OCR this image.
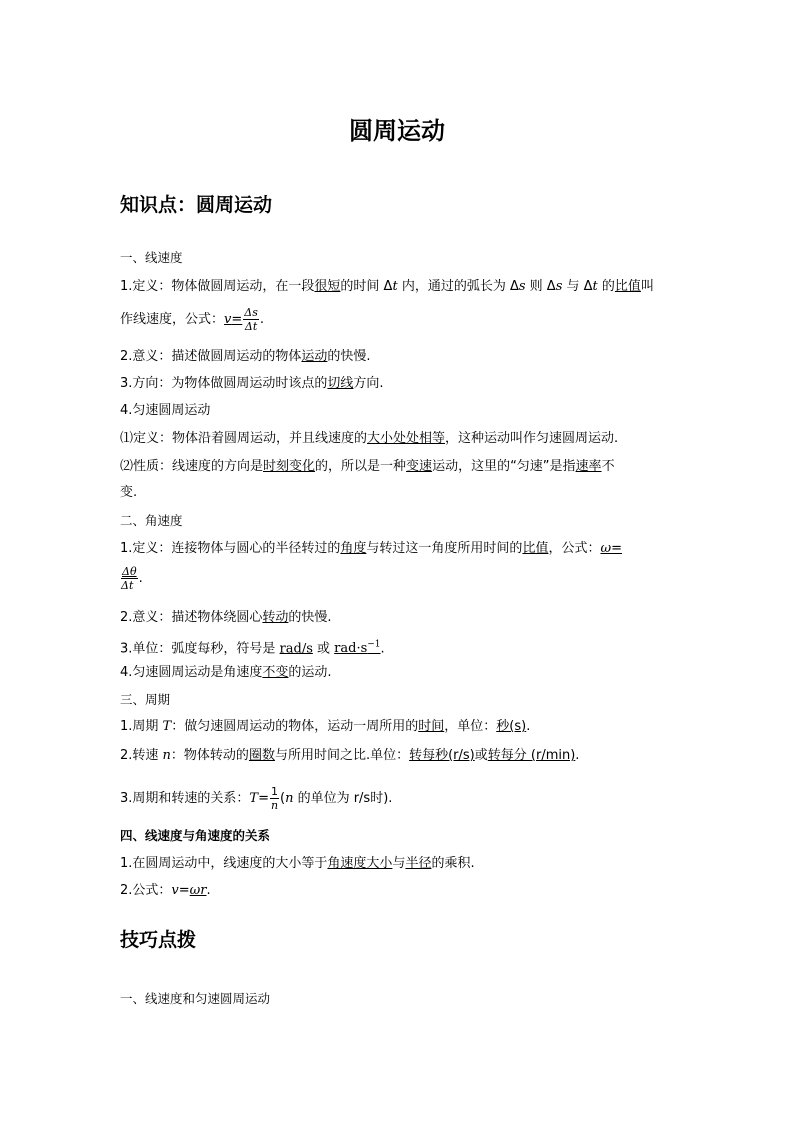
圆周运动
知识点：圆周运动
一、线速度
1.定义：物体做圆周运动，在一段很短的时间 Δt 内，通过的弧长为 Δs 则 Δs 与 Δt 的比值叫
作线速度，公式：$v= \frac{\Delta s}{\Delta t}$ .
2.意义：描述做圆周运动的物体运动的快慢.
3.方向：为物体做圆周运动时该点的切线方向.
4.匀速圆周运动
⑴定义：物体沿着圆周运动，并且线速度的大小处处相等，这种运动叫作匀速圆周运动.
⑵性质：线速度的方向是时刻变化的，所以是一种变速运动，这里的“匀速”是指速率不
变.
二、角速度
1.定义：连接物体与圆心的半径转过的角度与转过这一角度所用时间的比值，公式：ω=
$\frac{\Delta\theta}{\Delta t}$ .
2.意义：描述物体绕圆心转动的快慢.
3.单位：弧度每秒，符号是 rad/s 或 $rad\cdot s^{-1}$.
4.匀速圆周运动是角速度不变的运动.
三、周期
1.周期 T：做匀速圆周运动的物体，运动一周所用的时间，单位：秒(s).
2.转速 n：物体转动的圈数与所用时间之比.单位：转每秒(r/s)或转每分 (r/min).
3.周期和转速的关系：$T= \frac{1}{n} (n$ 的单位为 r/s时).
四、线速度与角速度的关系
1.在圆周运动中，线速度的大小等于角速度大小与半径的乘积.
2.公式：v=ωr.
技巧点拨
一、线速度和匀速圆周运动
